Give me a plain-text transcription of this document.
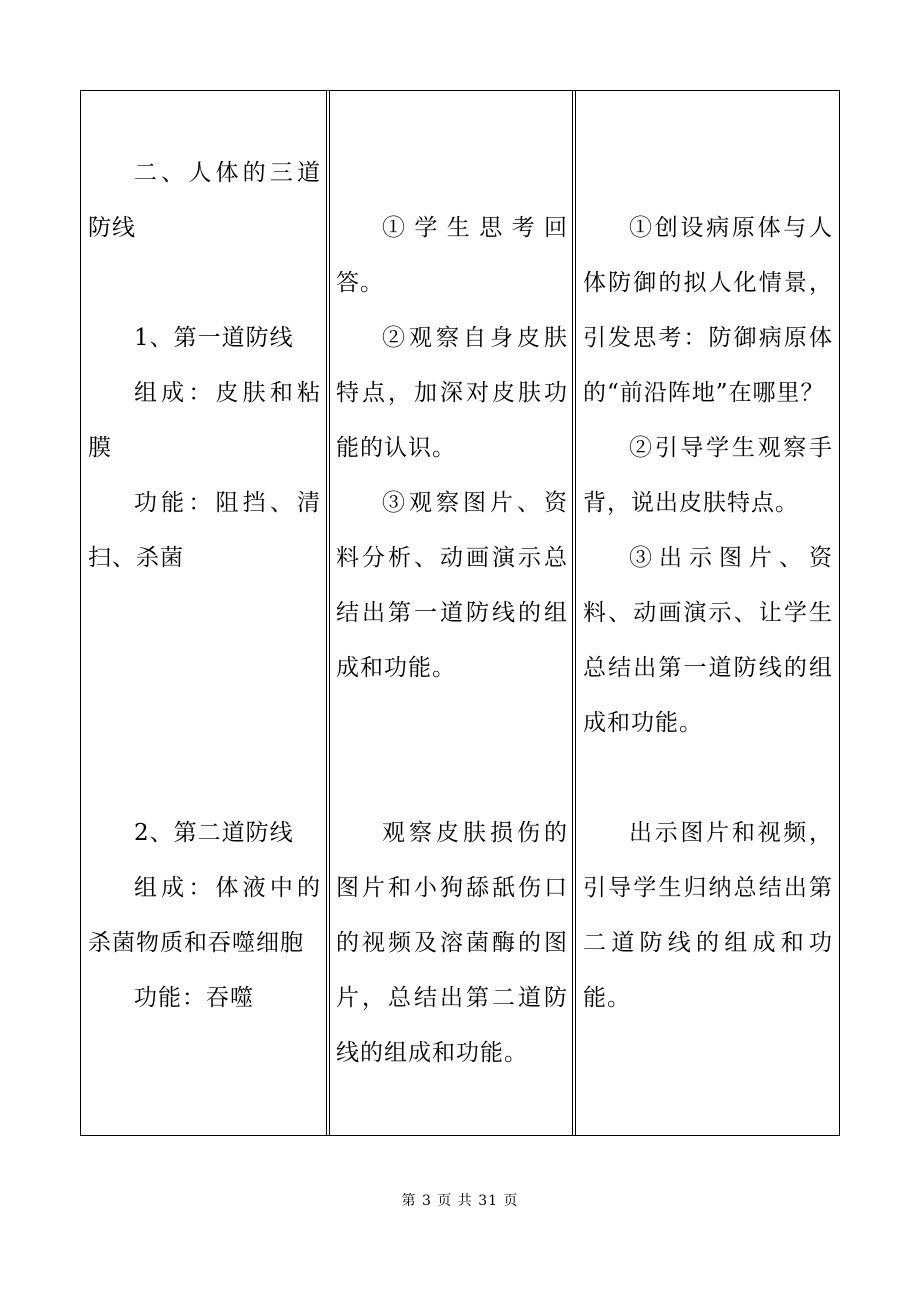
二、人体的三道防线

1、第一道防线

组成：皮肤和粘膜

功能：阻挡、清扫、杀菌

①学生思考回答。

②观察自身皮肤特点，加深对皮肤功能的认识。

③观察图片、资料分析、动画演示总结出第一道防线的组成和功能。

①创设病原体与人体防御的拟人化情景，引发思考：防御病原体的“前沿阵地”在哪里？

②引导学生观察手背，说出皮肤特点。

③出示图片、资料、动画演示、让学生总结出第一道防线的组成和功能。

2、第二道防线

组成：体液中的杀菌物质和吞噬细胞

功能：吞噬

观察皮肤损伤的图片和小狗舔舐伤口的视频及溶菌酶的图片，总结出第二道防线的组成和功能。

出示图片和视频，引导学生归纳总结出第二道防线的组成和功能。

第 3 页 共 31 页
